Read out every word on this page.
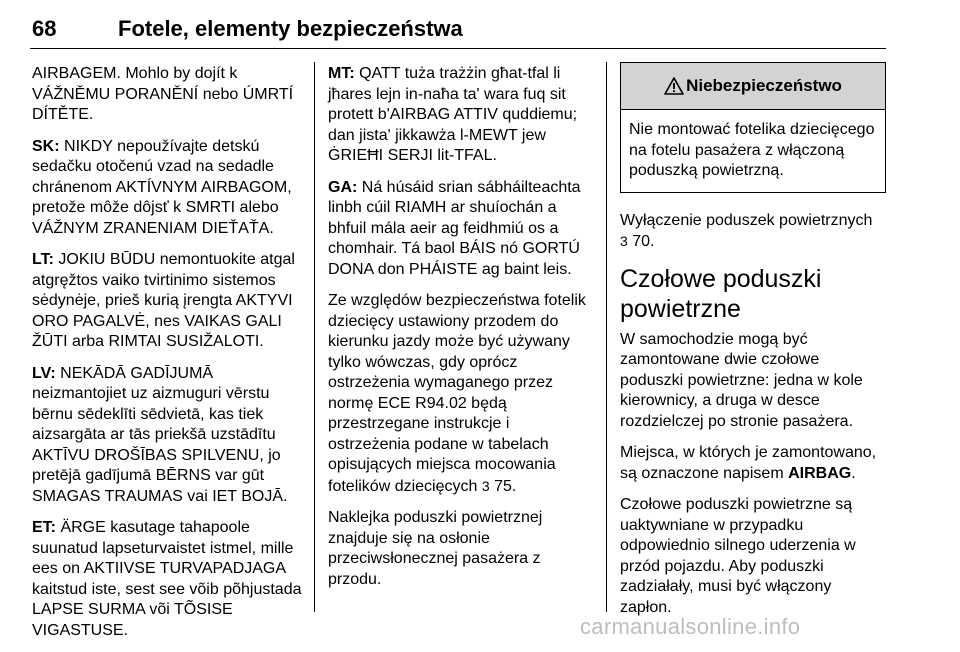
68	Fotele, elementy bezpieczeństwa

AIRBAGEM. Mohlo by dojít k VÁŽNĚMU PORANĚNÍ nebo ÚMRTÍ DÍTĚTE.

SK: NIKDY nepoužívajte detskú sedačku otočenú vzad na sedadle chránenom AKTÍVNYM AIRBAGOM, pretože môže dôjsť k SMRTI alebo VÁŽNYM ZRANENIAM DIEŤAŤA.

LT: JOKIU BŪDU nemontuokite atgal atgręžtos vaiko tvirtinimo sistemos sėdynėje, prieš kurią įrengta AKTYVI ORO PAGALVĖ, nes VAIKAS GALI ŽŪTI arba RIMTAI SUSIŽALOTI.

LV: NEKĀDĀ GADĪJUMĀ neizmantojiet uz aizmuguri vērstu bērnu sēdeklīti sēdvietā, kas tiek aizsargāta ar tās priekšā uzstādītu AKTĪVU DROŠĪBAS SPILVENU, jo pretējā gadījumā BĒRNS var gūt SMAGAS TRAUMAS vai IET BOJĀ.

ET: ÄRGE kasutage tahapoole suunatud lapseturvaistet istmel, mille ees on AKTIIVSE TURVAPADJAGA kaitstud iste, sest see võib põhjustada LAPSE SURMA või TÕSISE VIGASTUSE.

MT: QATT tuża trażżin għat-tfal li jħares lejn in-naħa ta' wara fuq sit protett b'AIRBAG ATTIV quddiemu; dan jista' jikkawża l-MEWT jew ĠRIEĦI SERJI lit-TFAL.

GA: Ná húsáid srian sábháilteachta linbh cúil RIAMH ar shuíochán a bhfuil mála aeir ag feidhmiú os a chomhair. Tá baol BÁIS nó GORTÚ DONA don PHÁISTE ag baint leis.

Ze względów bezpieczeństwa fotelik dziecięcy ustawiony przodem do kierunku jazdy może być używany tylko wówczas, gdy oprócz ostrzeżenia wymaganego przez normę ECE R94.02 będą przestrzegane instrukcje i ostrzeżenia podane w tabelach opisujących miejsca mocowania fotelików dziecięcych 3 75.

Naklejka poduszki powietrznej znajduje się na osłonie przeciwsłonecznej pasażera z przodu.

Niebezpieczeństwo
Nie montować fotelika dziecięcego na fotelu pasażera z włączoną poduszką powietrzną.

Wyłączenie poduszek powietrznych
3 70.

Czołowe poduszki powietrzne

W samochodzie mogą być zamontowane dwie czołowe poduszki powietrzne: jedna w kole kierownicy, a druga w desce rozdzielczej po stronie pasażera.

Miejsca, w których je zamontowano, są oznaczone napisem AIRBAG.

Czołowe poduszki powietrzne są uaktywniane w przypadku odpowiednio silnego uderzenia w przód pojazdu. Aby poduszki zadziałały, musi być włączony zapłon.

carmanualsonline.info
